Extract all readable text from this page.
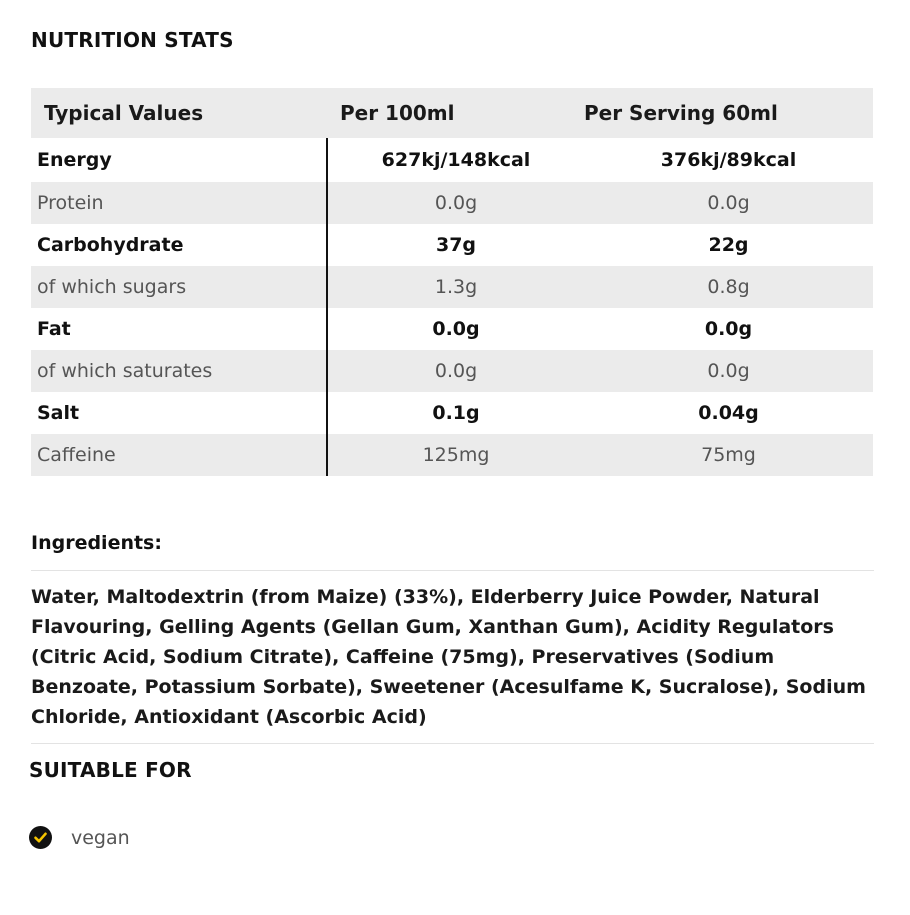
NUTRITION STATS
Typical Values	Per 100ml	Per Serving 60ml
Energy	627kj/148kcal	376kj/89kcal
Protein	0.0g	0.0g
Carbohydrate	37g	22g
of which sugars	1.3g	0.8g
Fat	0.0g	0.0g
of which saturates	0.0g	0.0g
Salt	0.1g	0.04g
Caffeine	125mg	75mg
Ingredients:
Water, Maltodextrin (from Maize) (33%), Elderberry Juice Powder, Natural Flavouring, Gelling Agents (Gellan Gum, Xanthan Gum), Acidity Regulators (Citric Acid, Sodium Citrate), Caffeine (75mg), Preservatives (Sodium Benzoate, Potassium Sorbate), Sweetener (Acesulfame K, Sucralose), Sodium Chloride, Antioxidant (Ascorbic Acid)
SUITABLE FOR
vegan
